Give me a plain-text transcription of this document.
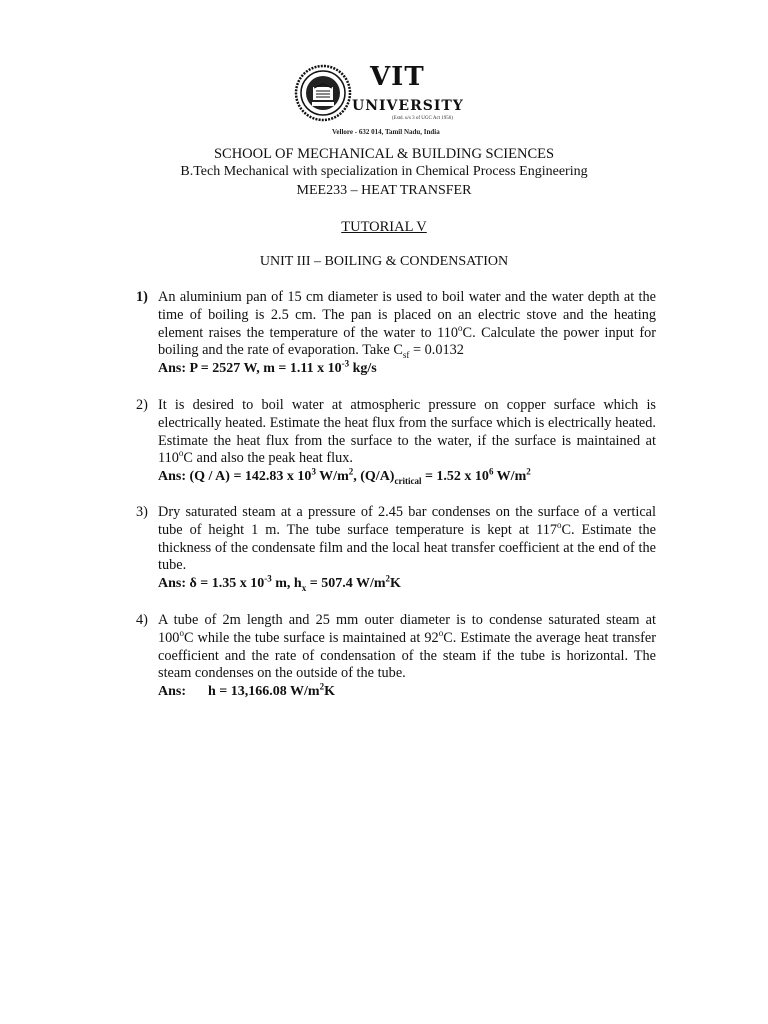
VIT
UNIVERSITY
(Estd. u/s 3 of UGC Act 1956)
Vellore - 632 014, Tamil Nadu, India
SCHOOL OF MECHANICAL & BUILDING SCIENCES
B.Tech Mechanical with specialization in Chemical Process Engineering
MEE233 – HEAT TRANSFER
TUTORIAL V
UNIT III – BOILING & CONDENSATION
1) An aluminium pan of 15 cm diameter is used to boil water and the water depth at the time of boiling is 2.5 cm. The pan is placed on an electric stove and the heating element raises the temperature of the water to 110$^o$C. Calculate the power input for boiling and the rate of evaporation. Take $C_{sf} = 0.0132$
Ans: P = 2527 W, m = 1.11 x $10^{-3}$ kg/s
2) It is desired to boil water at atmospheric pressure on copper surface which is electrically heated. Estimate the heat flux from the surface which is electrically heated. Estimate the heat flux from the surface to the water, if the surface is maintained at 110$^o$C and also the peak heat flux.
Ans: (Q / A) = 142.83 x $10^3$ $W/m^2$, $(Q/A)_{critical} = 1.52$ x $10^6$ $W/m^2$
3) Dry saturated steam at a pressure of 2.45 bar condenses on the surface of a vertical tube of height 1 m. The tube surface temperature is kept at 117$^o$C. Estimate the thickness of the condensate film and the local heat transfer coefficient at the end of the tube.
Ans: δ = 1.35 x $10^{-3}$ m, $h_x = 507.4$ $W/m^2K$
4) A tube of 2m length and 25 mm outer diameter is to condense saturated steam at 100$^o$C while the tube surface is maintained at 92$^o$C. Estimate the average heat transfer coefficient and the rate of condensation of the steam if the tube is horizontal. The steam condenses on the outside of the tube.
Ans: h = 13,166.08 $W/m^2K$
